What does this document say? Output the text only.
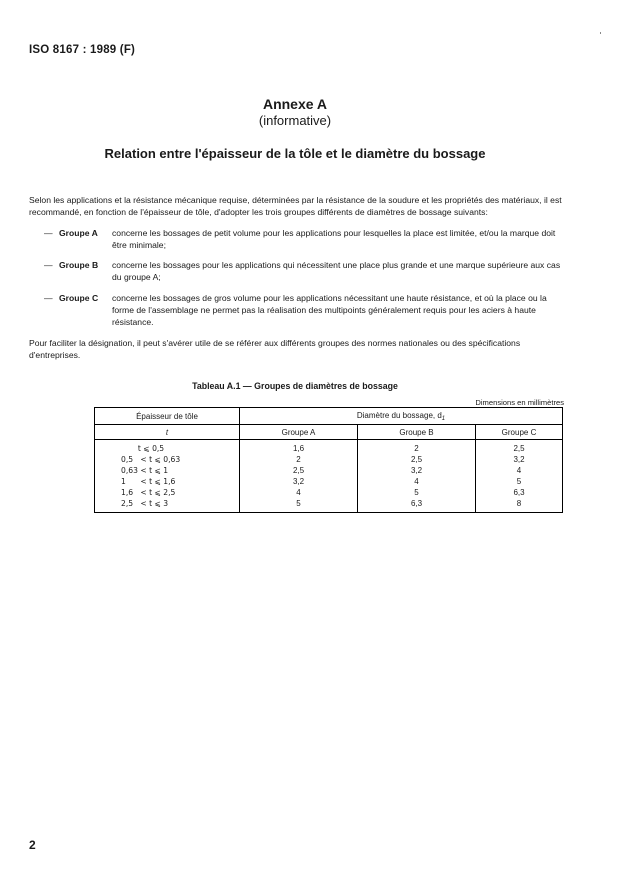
ISO 8167 : 1989 (F)
Annexe A
(informative)
Relation entre l'épaisseur de la tôle et le diamètre du bossage
Selon les applications et la résistance mécanique requise, déterminées par la résistance de la soudure et les propriétés des matériaux, il est recommandé, en fonction de l'épaisseur de tôle, d'adopter les trois groupes différents de diamètres de bossage suivants:
— Groupe A concerne les bossages de petit volume pour les applications pour lesquelles la place est limitée, et/ou la marque doit être minimale;
— Groupe B concerne les bossages pour les applications qui nécessitent une place plus grande et une marque supérieure aux cas du groupe A;
— Groupe C concerne les bossages de gros volume pour les applications nécessitant une haute résistance, et où la place ou la forme de l'assemblage ne permet pas la réalisation des multipoints généralement requis pour les aciers à haute résistance.
Pour faciliter la désignation, il peut s'avérer utile de se référer aux différents groupes des normes nationales ou des spécifications d'entreprises.
Tableau A.1 — Groupes de diamètres de bossage
Dimensions en millimètres
Épaisseur de tôle	Diamètre du bossage, $d_1$
t	Groupe A	Groupe B	Groupe C
t ⩽ 0,5	1,6	2	2,5
0,5   < t ⩽ 0,63	2	2,5	3,2
0,63 < t ⩽ 1	2,5	3,2	4
1      < t ⩽ 1,6	3,2	4	5
1,6   < t ⩽ 2,5	4	5	6,3
2,5   < t ⩽ 3	5	6,3	8
2
